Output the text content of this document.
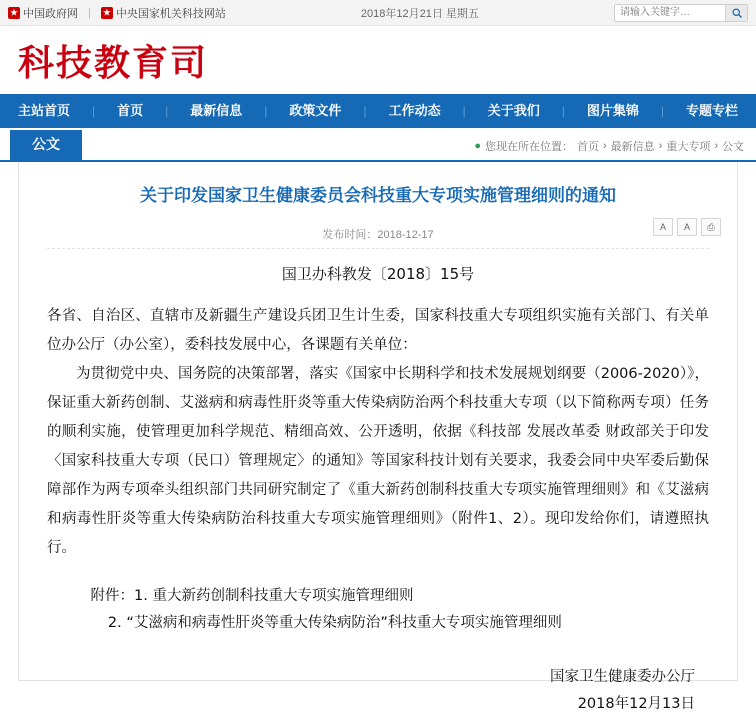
中国政府网 | 中央国家机关科技网站	2018年12月21日 星期五
请输入关键字…
科技教育司
主站首页	|	首页	|	最新信息	|	政策文件	|	工作动态	|	关于我们	|	图片集锦	|	专题专栏
公文	● 您现在所在位置： 首页 › 最新信息 › 重大专项 › 公文
关于印发国家卫生健康委员会科技重大专项实施管理细则的通知
发布时间：2018-12-17
A	A	⎙
国卫办科教发〔2018〕15号

各省、自治区、直辖市及新疆生产建设兵团卫生计生委，国家科技重大专项组织实施有关部门、有关单位办公厅（办公室），委科技发展中心，各课题有关单位：

为贯彻党中央、国务院的决策部署，落实《国家中长期科学和技术发展规划纲要（2006-2020）》，保证重大新药创制、艾滋病和病毒性肝炎等重大传染病防治两个科技重大专项（以下简称两专项）任务的顺利实施，使管理更加科学规范、精细高效、公开透明，依据《科技部 发展改革委 财政部关于印发〈国家科技重大专项（民口）管理规定〉的通知》等国家科技计划有关要求，我委会同中央军委后勤保障部作为两专项牵头组织部门共同研究制定了《重大新药创制科技重大专项实施管理细则》和《艾滋病和病毒性肝炎等重大传染病防治科技重大专项实施管理细则》（附件1、2）。现印发给你们，请遵照执行。

附件：1. 重大新药创制科技重大专项实施管理细则
2. “艾滋病和病毒性肝炎等重大传染病防治”科技重大专项实施管理细则
国家卫生健康委办公厅
2018年12月13日
